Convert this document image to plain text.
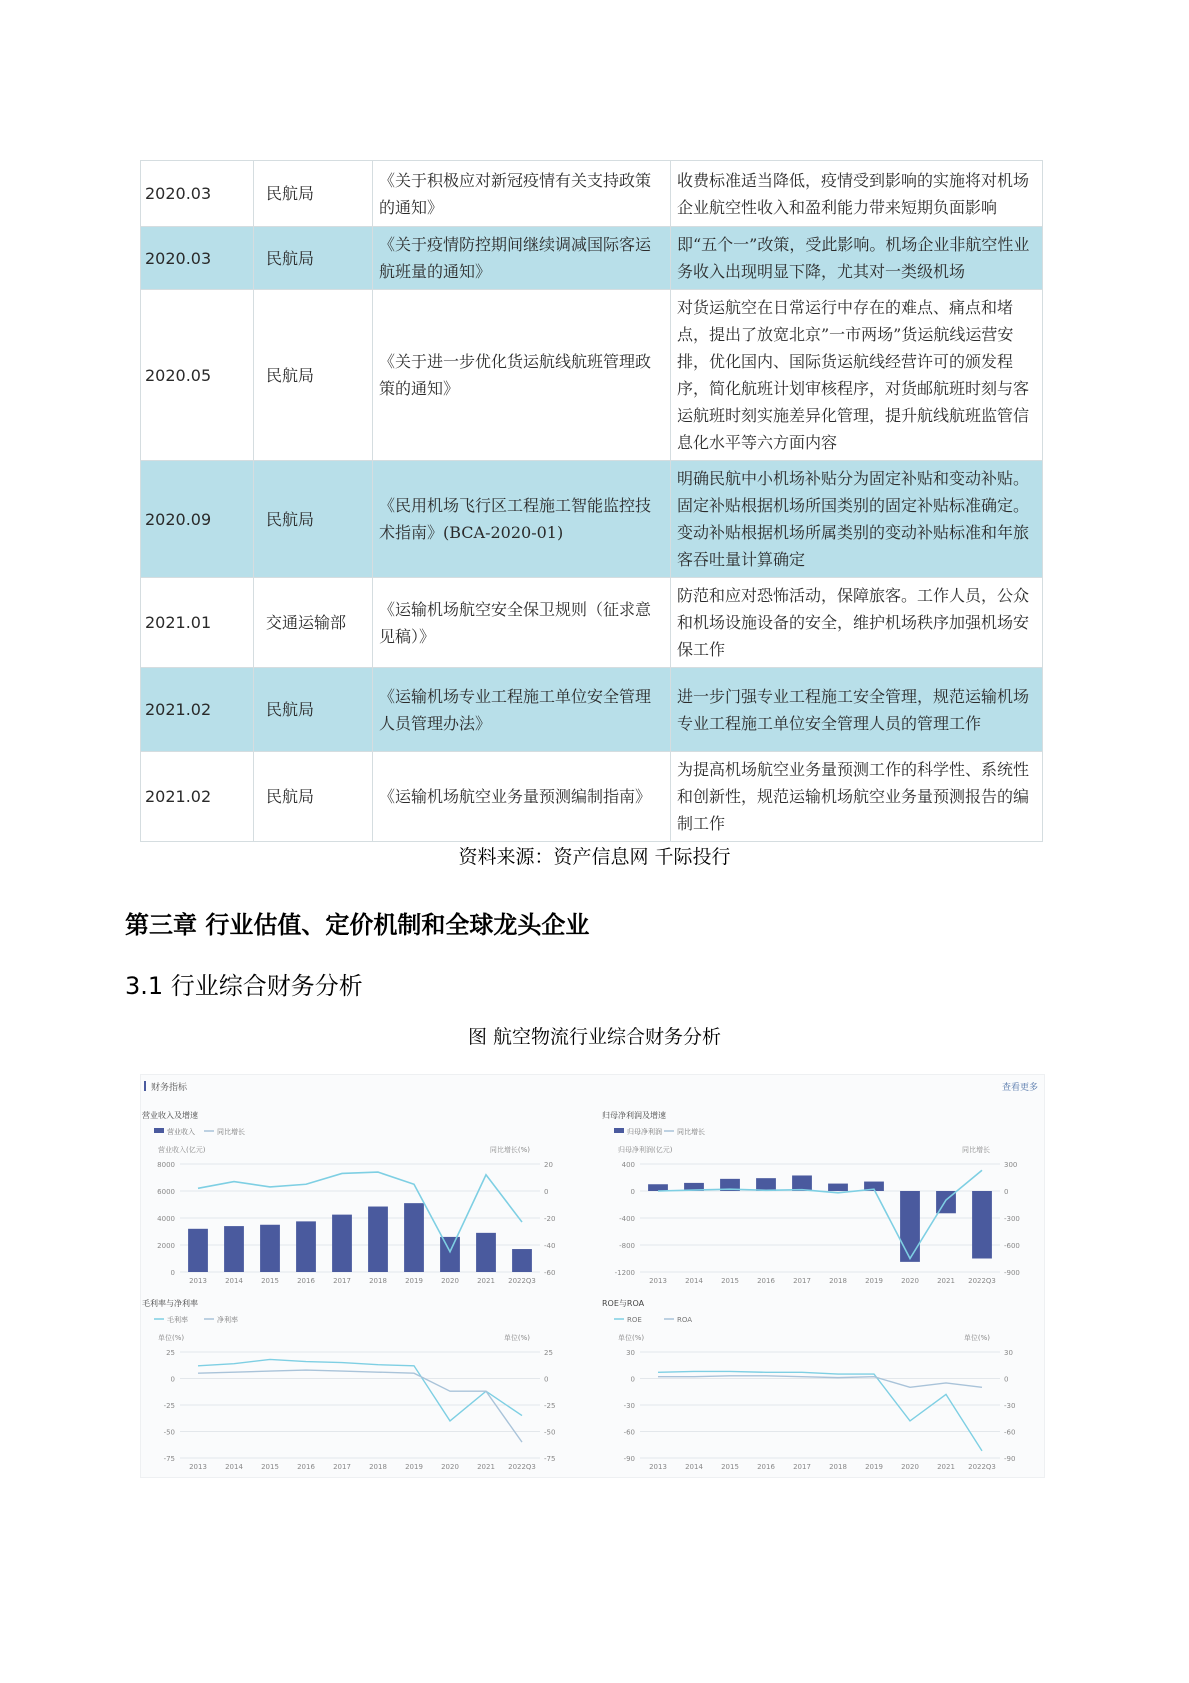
2020.03	民航局	《关于积极应对新冠疫情有关支持政策的通知》	收费标准适当降低，疫情受到影响的实施将对机场企业航空性收入和盈利能力带来短期负面影响
2020.03	民航局	《关于疫情防控期间继续调减国际客运航班量的通知》	即“五个一”改策，受此影响。机场企业非航空性业务收入出现明显下降，尤其对一类级机场
2020.05	民航局	《关于进一步优化货运航线航班管理政策的通知》	对货运航空在日常运行中存在的难点、痛点和堵点，提出了放宽北京”一市两场”货运航线运营安排，优化国内、国际货运航线经营许可的颁发程序，简化航班计划审核程序，对货邮航班时刻与客运航班时刻实施差异化管理，提升航线航班监管信息化水平等六方面内容
2020.09	民航局	《民用机场飞行区工程施工智能监控技术指南》(BCA-2020-01)	明确民航中小机场补贴分为固定补贴和变动补贴。固定补贴根据机场所国类别的固定补贴标准确定。变动补贴根据机场所属类别的变动补贴标准和年旅客吞吐量计算确定
2021.01	交通运输部	《运输机场航空安全保卫规则（征求意见稿）》	防范和应对恐怖活动，保障旅客。工作人员，公众和机场设施设备的安全，维护机场秩序加强机场安保工作
2021.02	民航局	《运输机场专业工程施工单位安全管理人员管理办法》	进一步门强专业工程施工安全管理，规范运输机场专业工程施工单位安全管理人员的管理工作
2021.02	民航局	《运输机场航空业务量预测编制指南》	为提高机场航空业务量预测工作的科学性、系统性和创新性，规范运输机场航空业务量预测报告的编制工作
资料来源：资产信息网 千际投行
第三章 行业估值、定价机制和全球龙头企业
3.1 行业综合财务分析
图 航空物流行业综合财务分析
财务指标	查看更多
营业收入及增速
营业收入	同比增长
营业收入(亿元)	同比增长(%)
8000	20
6000	0
4000	-20
2000	-40
0	-60
2013	2014	2015	2016	2017	2018	2019	2020	2021 2022Q3
归母净利润及增速
归母净利润 同比增长
归母净利润(亿元)	同比增长
400	300
0	0
-400	-300
-800	-600
-1200	-900
2013	2014	2015	2016	2017	2018	2019	2020	2021 2022Q3
毛利率与净利率
毛利率	净利率
单位(%)	单位(%)
25	25
0	0
-25	-25
-50	-50
-75	-75
2013	2014	2015	2016	2017	2018	2019	2020	2021 2022Q3
ROE与ROA
ROE	ROA
单位(%)	单位(%)
30	30
0	0
-30	-30
-60	-60
-90	-90
2013	2014	2015	2016	2017	2018	2019	2020	2021 2022Q3
